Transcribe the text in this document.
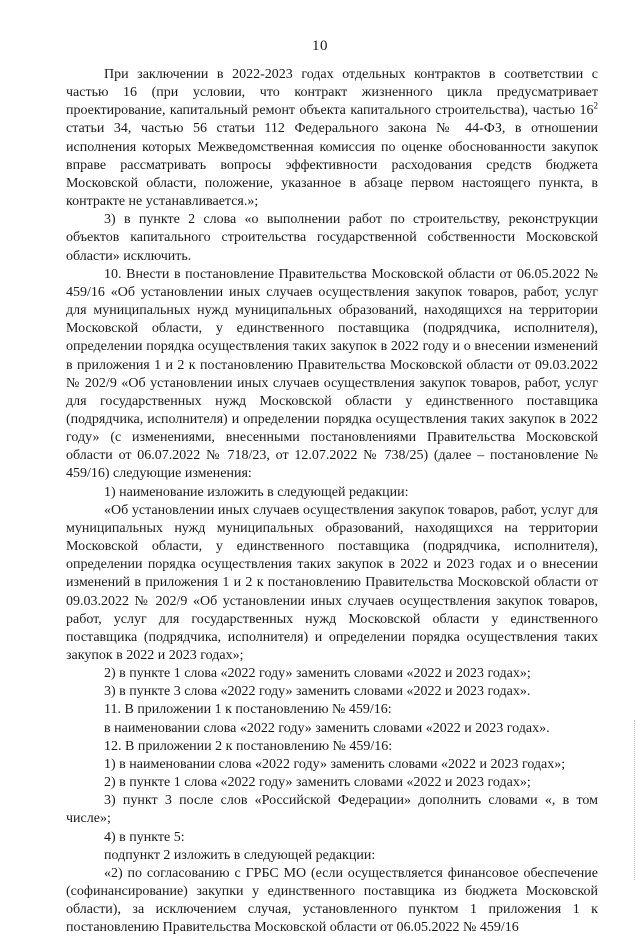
10

При заключении в 2022-2023 годах отдельных контрактов в соответствии с частью 16 (при условии, что контракт жизненного цикла предусматривает проектирование, капитальный ремонт объекта капитального строительства), частью $16^2$ статьи 34, частью 56 статьи 112 Федерального закона № 44-ФЗ, в отношении исполнения которых Межведомственная комиссия по оценке обоснованности закупок вправе рассматривать вопросы эффективности расходования средств бюджета Московской области, положение, указанное в абзаце первом настоящего пункта, в контракте не устанавливается.»;

3) в пункте 2 слова «о выполнении работ по строительству, реконструкции объектов капитального строительства государственной собственности Московской области» исключить.

10. Внести в постановление Правительства Московской области от 06.05.2022 № 459/16 «Об установлении иных случаев осуществления закупок товаров, работ, услуг для муниципальных нужд муниципальных образований, находящихся на территории Московской области, у единственного поставщика (подрядчика, исполнителя), определении порядка осуществления таких закупок в 2022 году и о внесении изменений в приложения 1 и 2 к постановлению Правительства Московской области от 09.03.2022 № 202/9 «Об установлении иных случаев осуществления закупок товаров, работ, услуг для государственных нужд Московской области у единственного поставщика (подрядчика, исполнителя) и определении порядка осуществления таких закупок в 2022 году» (с изменениями, внесенными постановлениями Правительства Московской области от 06.07.2022 № 718/23, от 12.07.2022 № 738/25) (далее – постановление № 459/16) следующие изменения:

1) наименование изложить в следующей редакции:

«Об установлении иных случаев осуществления закупок товаров, работ, услуг для муниципальных нужд муниципальных образований, находящихся на территории Московской области, у единственного поставщика (подрядчика, исполнителя), определении порядка осуществления таких закупок в 2022 и 2023 годах и о внесении изменений в приложения 1 и 2 к постановлению Правительства Московской области от 09.03.2022 № 202/9 «Об установлении иных случаев осуществления закупок товаров, работ, услуг для государственных нужд Московской области у единственного поставщика (подрядчика, исполнителя) и определении порядка осуществления таких закупок в 2022 и 2023 годах»;

2) в пункте 1 слова «2022 году» заменить словами «2022 и 2023 годах»;

3) в пункте 3 слова «2022 году» заменить словами «2022 и 2023 годах».

11. В приложении 1 к постановлению № 459/16:

в наименовании слова «2022 году» заменить словами «2022 и 2023 годах».

12. В приложении 2 к постановлению № 459/16:

1) в наименовании слова «2022 году» заменить словами «2022 и 2023 годах»;

2) в пункте 1 слова «2022 году» заменить словами «2022 и 2023 годах»;

3) пункт 3 после слов «Российской Федерации» дополнить словами «, в том числе»;

4) в пункте 5:

подпункт 2 изложить в следующей редакции:

«2) по согласованию с ГРБС МО (если осуществляется финансовое обеспечение (софинансирование) закупки у единственного поставщика из бюджета Московской области), за исключением случая, установленного пунктом 1 приложения 1 к постановлению Правительства Московской области от 06.05.2022 № 459/16
